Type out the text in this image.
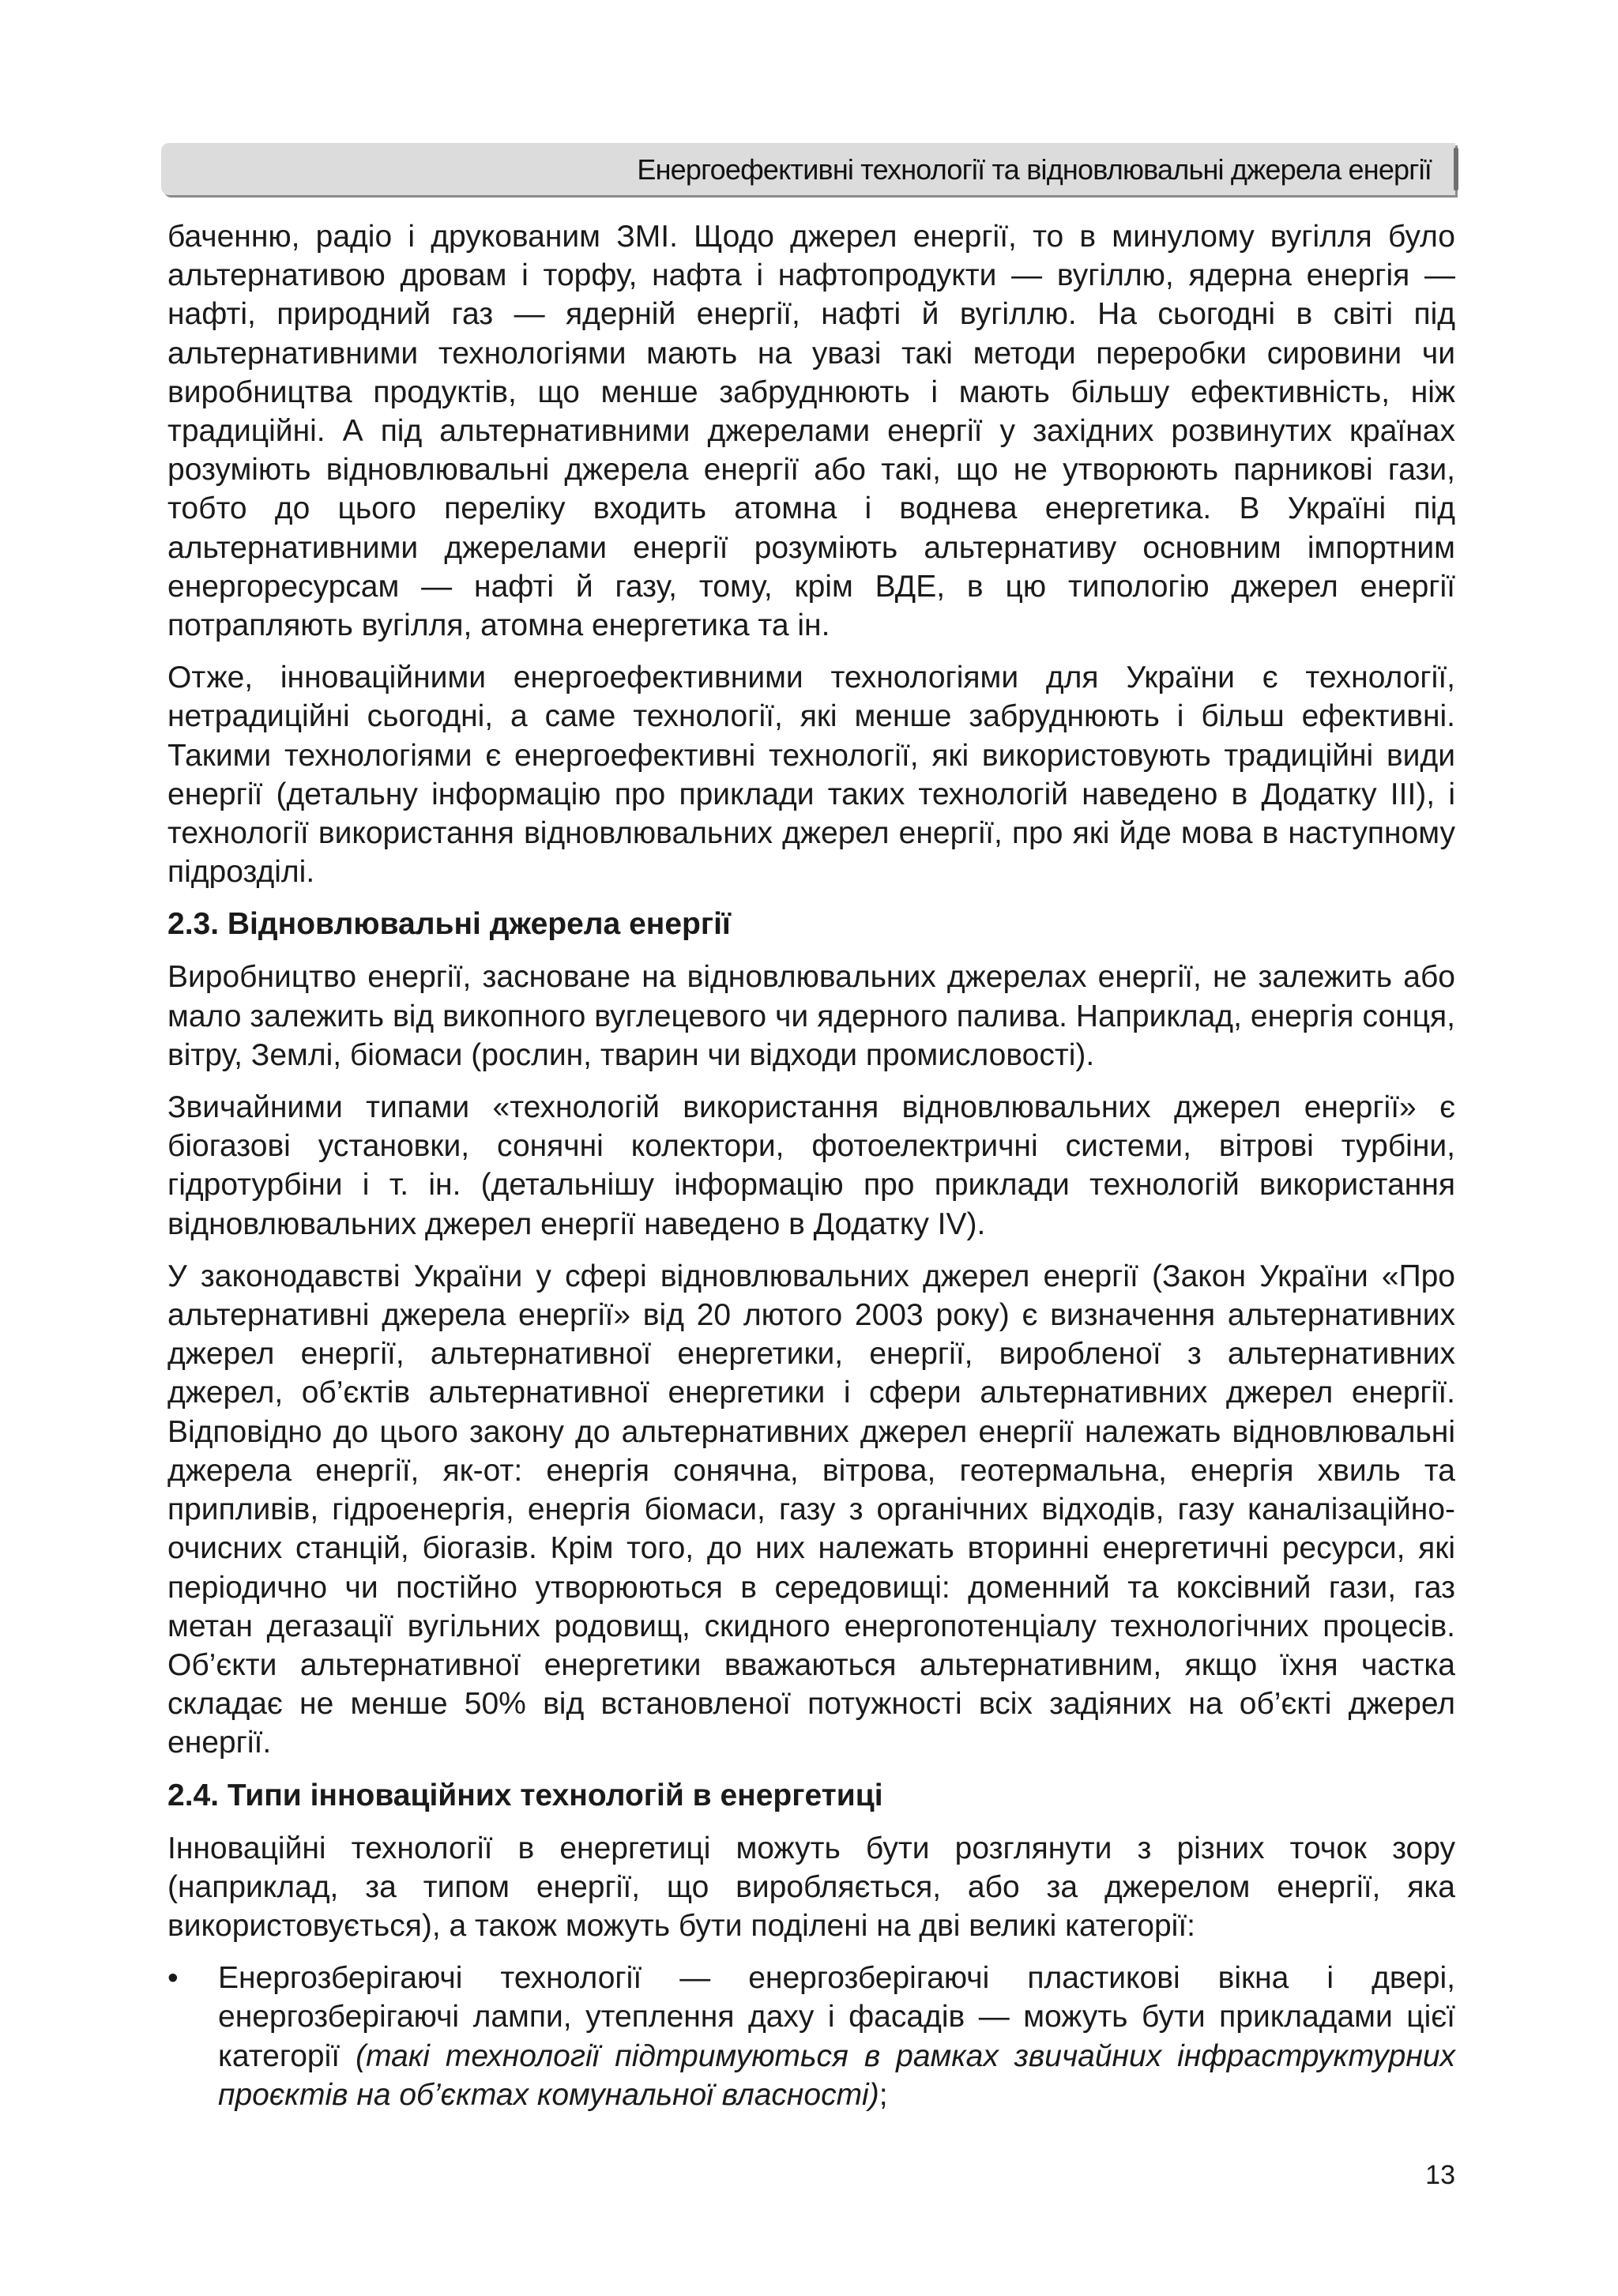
Енергоефективні технології та відновлювальні джерела енергії

баченню, радіо і друкованим ЗМІ. Щодо джерел енергії, то в минулому вугілля було альтернативою дровам і торфу, нафта і нафтопродукти — вугіллю, ядерна енергія — нафті, природний газ — ядерній енергії, нафті й вугіллю. На сьогодні в світі під альтернативними технологіями мають на увазі такі методи переробки сировини чи виробництва продуктів, що менше забруднюють і мають більшу ефективність, ніж традиційні. А під альтернативними джерелами енергії у західних розвинутих країнах розуміють відновлювальні джерела енергії або такі, що не утворюють парникові гази, тобто до цього переліку входить атомна і воднева енергетика. В Україні під альтернативними джерелами енергії розуміють альтернативу основним імпортним енергоресурсам — нафті й газу, тому, крім ВДЕ, в цю типологію джерел енергії потрапляють вугілля, атомна енергетика та ін.

Отже, інноваційними енергоефективними технологіями для України є технології, нетрадиційні сьогодні, а саме технології, які менше забруднюють і більш ефективні. Такими технологіями є енергоефективні технології, які використовують традиційні види енергії (детальну інформацію про приклади таких технологій наведено в Додатку III), і технології використання відновлювальних джерел енергії, про які йде мова в наступному підрозділі.

2.3. Відновлювальні джерела енергії

Виробництво енергії, засноване на відновлювальних джерелах енергії, не залежить або мало залежить від викопного вуглецевого чи ядерного палива. Наприклад, енергія сонця, вітру, Землі, біомаси (рослин, тварин чи відходи промисловості).

Звичайними типами «технологій використання відновлювальних джерел енергії» є біогазові установки, сонячні колектори, фотоелектричні системи, вітрові турбіни, гідротурбіни і т. ін. (детальнішу інформацію про приклади технологій використання відновлювальних джерел енергії наведено в Додатку IV).

У законодавстві України у сфері відновлювальних джерел енергії (Закон України «Про альтернативні джерела енергії» від 20 лютого 2003 року) є визначення альтернативних джерел енергії, альтернативної енергетики, енергії, виробленої з альтернативних джерел, об’єктів альтернативної енергетики і сфери альтернативних джерел енергії. Відповідно до цього закону до альтернативних джерел енергії належать відновлювальні джерела енергії, як-от: енергія сонячна, вітрова, геотермальна, енергія хвиль та припливів, гідроенергія, енергія біомаси, газу з органічних відходів, газу каналізаційно-очисних станцій, біогазів. Крім того, до них належать вторинні енергетичні ресурси, які періодично чи постійно утворюються в середовищі: доменний та коксівний гази, газ метан дегазації вугільних родовищ, скидного енергопотенціалу технологічних процесів. Об’єкти альтернативної енергетики вважаються альтернативним, якщо їхня частка складає не менше 50% від встановленої потужності всіх задіяних на об’єкті джерел енергії.

2.4. Типи інноваційних технологій в енергетиці

Інноваційні технології в енергетиці можуть бути розглянути з різних точок зору (наприклад, за типом енергії, що виробляється, або за джерелом енергії, яка використовується), а також можуть бути поділені на дві великі категорії:

• Енергозберігаючі технології — енергозберігаючі пластикові вікна і двері, енергозберігаючі лампи, утеплення даху і фасадів — можуть бути прикладами цієї категорії (такі технології підтримуються в рамках звичайних інфраструктурних проєктів на об’єктах комунальної власності);
13
